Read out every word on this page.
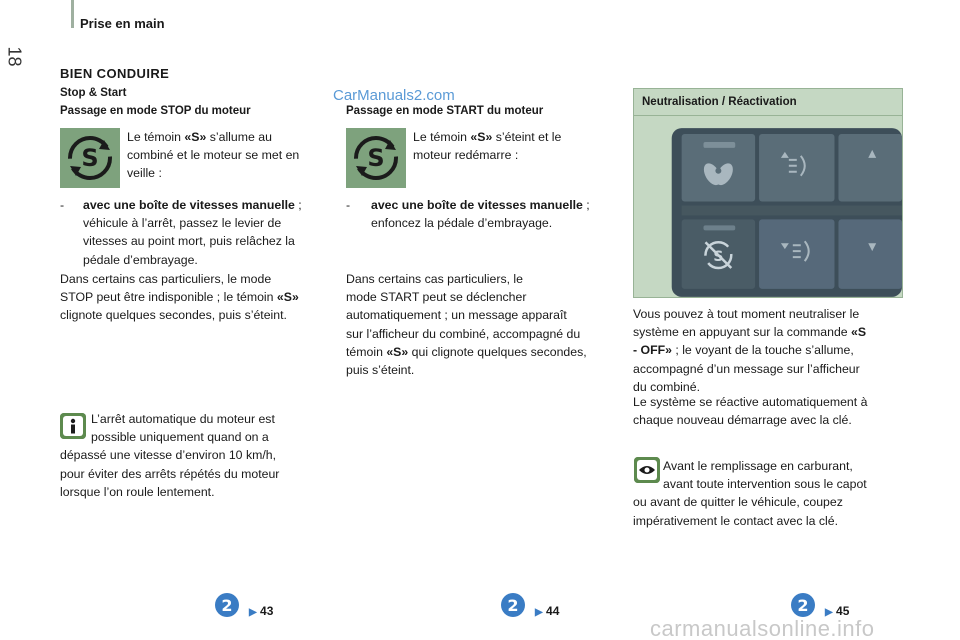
18
Prise en main
CarManuals2.com
BIEN CONDUIRE
Stop & Start
Passage en mode STOP du moteur
S
Le témoin «S» s’allume au
combiné et le moteur se met en
veille :
- avec une boîte de vitesses manuelle ;
véhicule à l’arrêt, passez le levier de
vitesses au point mort, puis relâchez la
pédale d’embrayage.
Dans certains cas particuliers, le mode
STOP peut être indisponible ; le témoin «S»
clignote quelques secondes, puis s’éteint.
L’arrêt automatique du moteur est
possible uniquement quand on a
dépassé une vitesse d’environ 10 km/h,
pour éviter des arrêts répétés du moteur
lorsque l’on roule lentement.
Passage en mode START du moteur
S
Le témoin «S» s’éteint et le
moteur redémarre :
- avec une boîte de vitesses manuelle ;
enfoncez la pédale d’embrayage.
Dans certains cas particuliers, le
mode START peut se déclencher
automatiquement ; un message apparaît
sur l’afficheur du combiné, accompagné du
témoin «S» qui clignote quelques secondes,
puis s’éteint.
Neutralisation / Réactivation
S
Vous pouvez à tout moment neutraliser le
système en appuyant sur la commande «S
- OFF» ; le voyant de la touche s’allume,
accompagné d’un message sur l’afficheur
du combiné.
Le système se réactive automatiquement à
chaque nouveau démarrage avec la clé.
Avant le remplissage en carburant,
avant toute intervention sous le capot
ou avant de quitter le véhicule, coupez
impérativement le contact avec la clé.
2 ▶ 43	2 ▶ 44	2 ▶ 45
carmanualsonline.info
